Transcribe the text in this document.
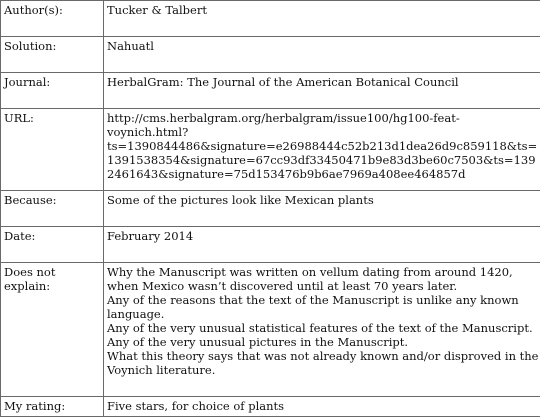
Author(s):	Tucker & Talbert
Solution:	Nahuatl
Journal:	HerbalGram: The Journal of the American Botanical Council
URL:	http://cms.herbalgram.org/herbalgram/issue100/hg100-feat-
voynich.html?
ts=1390844486&signature=e26988444c52b213d1dea26d9c859118&ts=
1391538354&signature=67cc93df33450471b9e83d3be60c7503&ts=139
2461643&signature=75d153476b9b6ae7969a408ee464857d

Because:	Some of the pictures look like Mexican plants
Date:	February 2014

Does not
explain:	Why the Manuscript was written on vellum dating from around 1420, when Mexico wasn’t discovered until at least 70 years later.
Any of the reasons that the text of the Manuscript is unlike any known language.
Any of the very unusual statistical features of the text of the Manuscript.
Any of the very unusual pictures in the Manuscript.
What this theory says that was not already known and/or disproved in the Voynich literature.

My rating:	Five stars, for choice of plants
